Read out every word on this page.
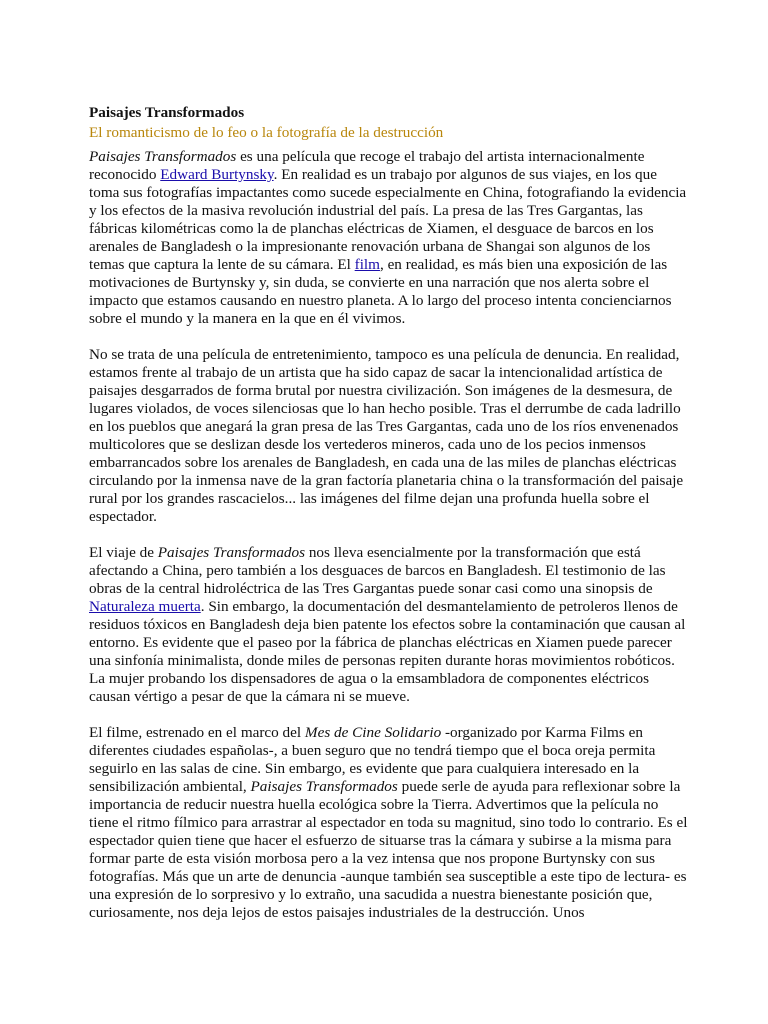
Paisajes Transformados
El romanticismo de lo feo o la fotografía de la destrucción

Paisajes Transformados es una película que recoge el trabajo del artista internacionalmente reconocido Edward Burtynsky. En realidad es un trabajo por algunos de sus viajes, en los que toma sus fotografías impactantes como sucede especialmente en China, fotografiando la evidencia y los efectos de la masiva revolución industrial del país. La presa de las Tres Gargantas, las fábricas kilométricas como la de planchas eléctricas de Xiamen, el desguace de barcos en los arenales de Bangladesh o la impresionante renovación urbana de Shangai son algunos de los temas que captura la lente de su cámara. El film, en realidad, es más bien una exposición de las motivaciones de Burtynsky y, sin duda, se convierte en una narración que nos alerta sobre el impacto que estamos causando en nuestro planeta. A lo largo del proceso intenta concienciarnos sobre el mundo y la manera en la que en él vivimos.

No se trata de una película de entretenimiento, tampoco es una película de denuncia. En realidad, estamos frente al trabajo de un artista que ha sido capaz de sacar la intencionalidad artística de paisajes desgarrados de forma brutal por nuestra civilización. Son imágenes de la desmesura, de lugares violados, de voces silenciosas que lo han hecho posible. Tras el derrumbe de cada ladrillo en los pueblos que anegará la gran presa de las Tres Gargantas, cada uno de los ríos envenenados multicolores que se deslizan desde los vertederos mineros, cada uno de los pecios inmensos embarrancados sobre los arenales de Bangladesh, en cada una de las miles de planchas eléctricas circulando por la inmensa nave de la gran factoría planetaria china o la transformación del paisaje rural por los grandes rascacielos... las imágenes del filme dejan una profunda huella sobre el espectador.

El viaje de Paisajes Transformados nos lleva esencialmente por la transformación que está afectando a China, pero también a los desguaces de barcos en Bangladesh. El testimonio de las obras de la central hidroléctrica de las Tres Gargantas puede sonar casi como una sinopsis de Naturaleza muerta. Sin embargo, la documentación del desmantelamiento de petroleros llenos de residuos tóxicos en Bangladesh deja bien patente los efectos sobre la contaminación que causan al entorno. Es evidente que el paseo por la fábrica de planchas eléctricas en Xiamen puede parecer una sinfonía minimalista, donde miles de personas repiten durante horas movimientos robóticos. La mujer probando los dispensadores de agua o la emsambladora de componentes eléctricos causan vértigo a pesar de que la cámara ni se mueve.

El filme, estrenado en el marco del Mes de Cine Solidario -organizado por Karma Films en diferentes ciudades españolas-, a buen seguro que no tendrá tiempo que el boca oreja permita seguirlo en las salas de cine. Sin embargo, es evidente que para cualquiera interesado en la sensibilización ambiental, Paisajes Transformados puede serle de ayuda para reflexionar sobre la importancia de reducir nuestra huella ecológica sobre la Tierra. Advertimos que la película no tiene el ritmo fílmico para arrastrar al espectador en toda su magnitud, sino todo lo contrario. Es el espectador quien tiene que hacer el esfuerzo de situarse tras la cámara y subirse a la misma para formar parte de esta visión morbosa pero a la vez intensa que nos propone Burtynsky con sus fotografías. Más que un arte de denuncia -aunque también sea susceptible a este tipo de lectura- es una expresión de lo sorpresivo y lo extraño, una sacudida a nuestra bienestante posición que, curiosamente, nos deja lejos de estos paisajes industriales de la destrucción. Unos
